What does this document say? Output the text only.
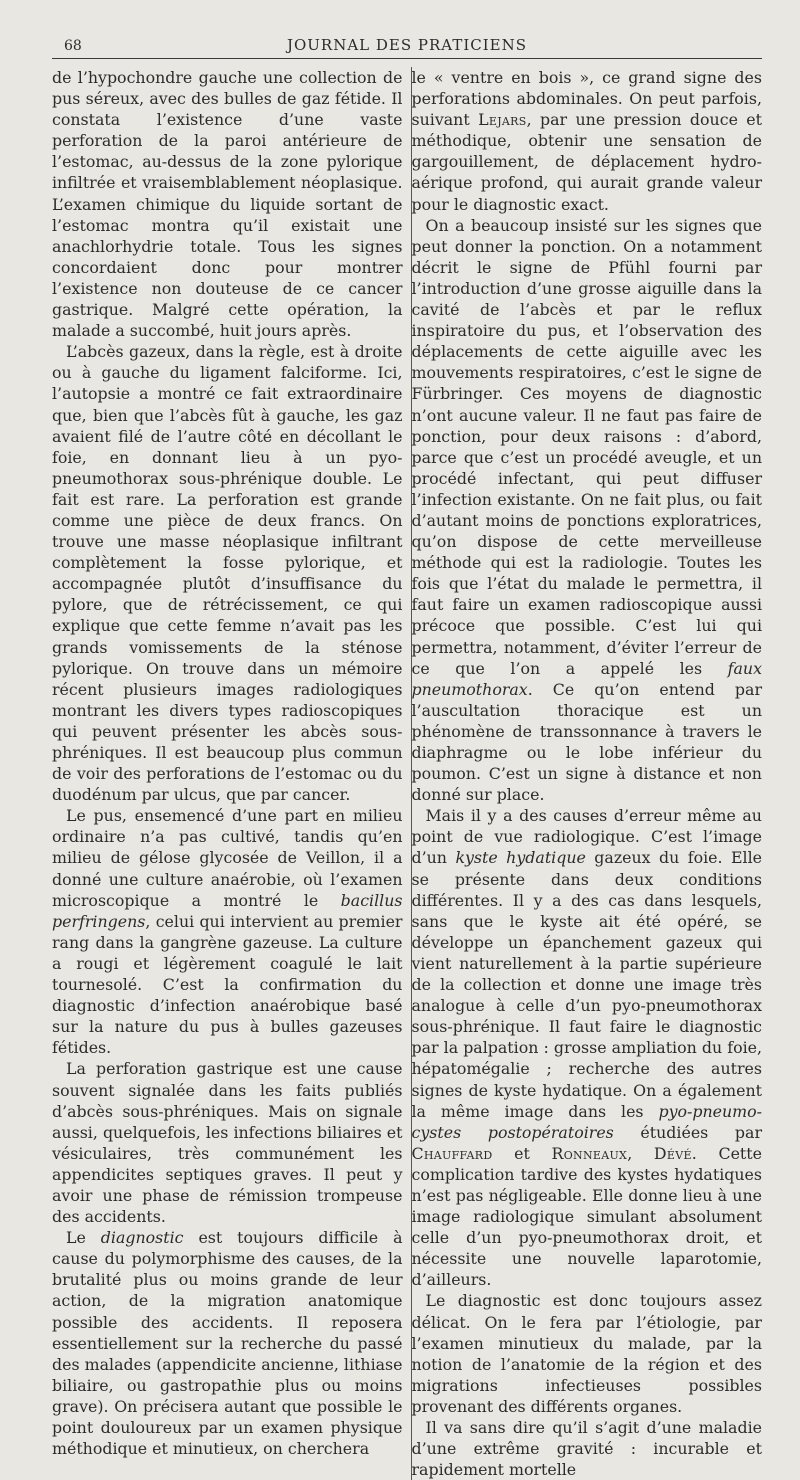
68	JOURNAL DES PRATICIENS

de l’hypochondre gauche une collection de pus séreux, avec des bulles de gaz fétide. Il constata l’existence d’une vaste perforation de la paroi antérieure de l’estomac, au-dessus de la zone pylorique infiltrée et vraisemblablement néoplasique. L’examen chimique du liquide sortant de l’estomac montra qu’il existait une anachlorhydrie totale. Tous les signes concordaient donc pour montrer l’existence non douteuse de ce cancer gastrique. Malgré cette opération, la malade a succombé, huit jours après.

L’abcès gazeux, dans la règle, est à droite ou à gauche du ligament falciforme. Ici, l’autopsie a montré ce fait extraordinaire que, bien que l’abcès fût à gauche, les gaz avaient filé de l’autre côté en décollant le foie, en donnant lieu à un pyo-pneumothorax sous-phrénique double. Le fait est rare. La perforation est grande comme une pièce de deux francs. On trouve une masse néoplasique infiltrant complètement la fosse pylorique, et accompagnée plutôt d’insuffisance du pylore, que de rétrécissement, ce qui explique que cette femme n’avait pas les grands vomissements de la sténose pylorique. On trouve dans un mémoire récent plusieurs images radiologiques montrant les divers types radioscopiques qui peuvent présenter les abcès sous-phréniques. Il est beaucoup plus commun de voir des perforations de l’estomac ou du duodénum par ulcus, que par cancer.

Le pus, ensemencé d’une part en milieu ordinaire n’a pas cultivé, tandis qu’en milieu de gélose glycosée de Veillon, il a donné une culture anaérobie, où l’examen microscopique a montré le bacillus perfringens, celui qui intervient au premier rang dans la gangrène gazeuse. La culture a rougi et légèrement coagulé le lait tournesolé. C’est la confirmation du diagnostic d’infection anaérobique basé sur la nature du pus à bulles gazeuses fétides.

La perforation gastrique est une cause souvent signalée dans les faits publiés d’abcès sous-phréniques. Mais on signale aussi, quelquefois, les infections biliaires et vésiculaires, très communément les appendicites septiques graves. Il peut y avoir une phase de rémission trompeuse des accidents.

Le diagnostic est toujours difficile à cause du polymorphisme des causes, de la brutalité plus ou moins grande de leur action, de la migration anatomique possible des accidents. Il reposera essentiellement sur la recherche du passé des malades (appendicite ancienne, lithiase biliaire, ou gastropathie plus ou moins grave). On précisera autant que possible le point douloureux par un examen physique méthodique et minutieux, on cherchera

le « ventre en bois », ce grand signe des perforations abdominales. On peut parfois, suivant Lejars, par une pression douce et méthodique, obtenir une sensation de gargouillement, de déplacement hydro-aérique profond, qui aurait grande valeur pour le diagnostic exact.

On a beaucoup insisté sur les signes que peut donner la ponction. On a notamment décrit le signe de Pfühl fourni par l’introduction d’une grosse aiguille dans la cavité de l’abcès et par le reflux inspiratoire du pus, et l’observation des déplacements de cette aiguille avec les mouvements respiratoires, c’est le signe de Fürbringer. Ces moyens de diagnostic n’ont aucune valeur. Il ne faut pas faire de ponction, pour deux raisons : d’abord, parce que c’est un procédé aveugle, et un procédé infectant, qui peut diffuser l’infection existante. On ne fait plus, ou fait d’autant moins de ponctions exploratrices, qu’on dispose de cette merveilleuse méthode qui est la radiologie. Toutes les fois que l’état du malade le permettra, il faut faire un examen radioscopique aussi précoce que possible. C’est lui qui permettra, notamment, d’éviter l’erreur de ce que l’on a appelé les faux pneumothorax. Ce qu’on entend par l’auscultation thoracique est un phénomène de transsonnance à travers le diaphragme ou le lobe inférieur du poumon. C’est un signe à distance et non donné sur place.

Mais il y a des causes d’erreur même au point de vue radiologique. C’est l’image d’un kyste hydatique gazeux du foie. Elle se présente dans deux conditions différentes. Il y a des cas dans lesquels, sans que le kyste ait été opéré, se développe un épanchement gazeux qui vient naturellement à la partie supérieure de la collection et donne une image très analogue à celle d’un pyo-pneumothorax sous-phrénique. Il faut faire le diagnostic par la palpation : grosse ampliation du foie, hépatomégalie ; recherche des autres signes de kyste hydatique. On a également la même image dans les pyo-pneumo-cystes postopératoires étudiées par Chauffard et Ronneaux, Dévé. Cette complication tardive des kystes hydatiques n’est pas négligeable. Elle donne lieu à une image radiologique simulant absolument celle d’un pyo-pneumothorax droit, et nécessite une nouvelle laparotomie, d’ailleurs.

Le diagnostic est donc toujours assez délicat. On le fera par l’étiologie, par l’examen minutieux du malade, par la notion de l’anatomie de la région et des migrations infectieuses possibles provenant des différents organes.

Il va sans dire qu’il s’agit d’une maladie d’une extrême gravité : incurable et rapidement mortelle
